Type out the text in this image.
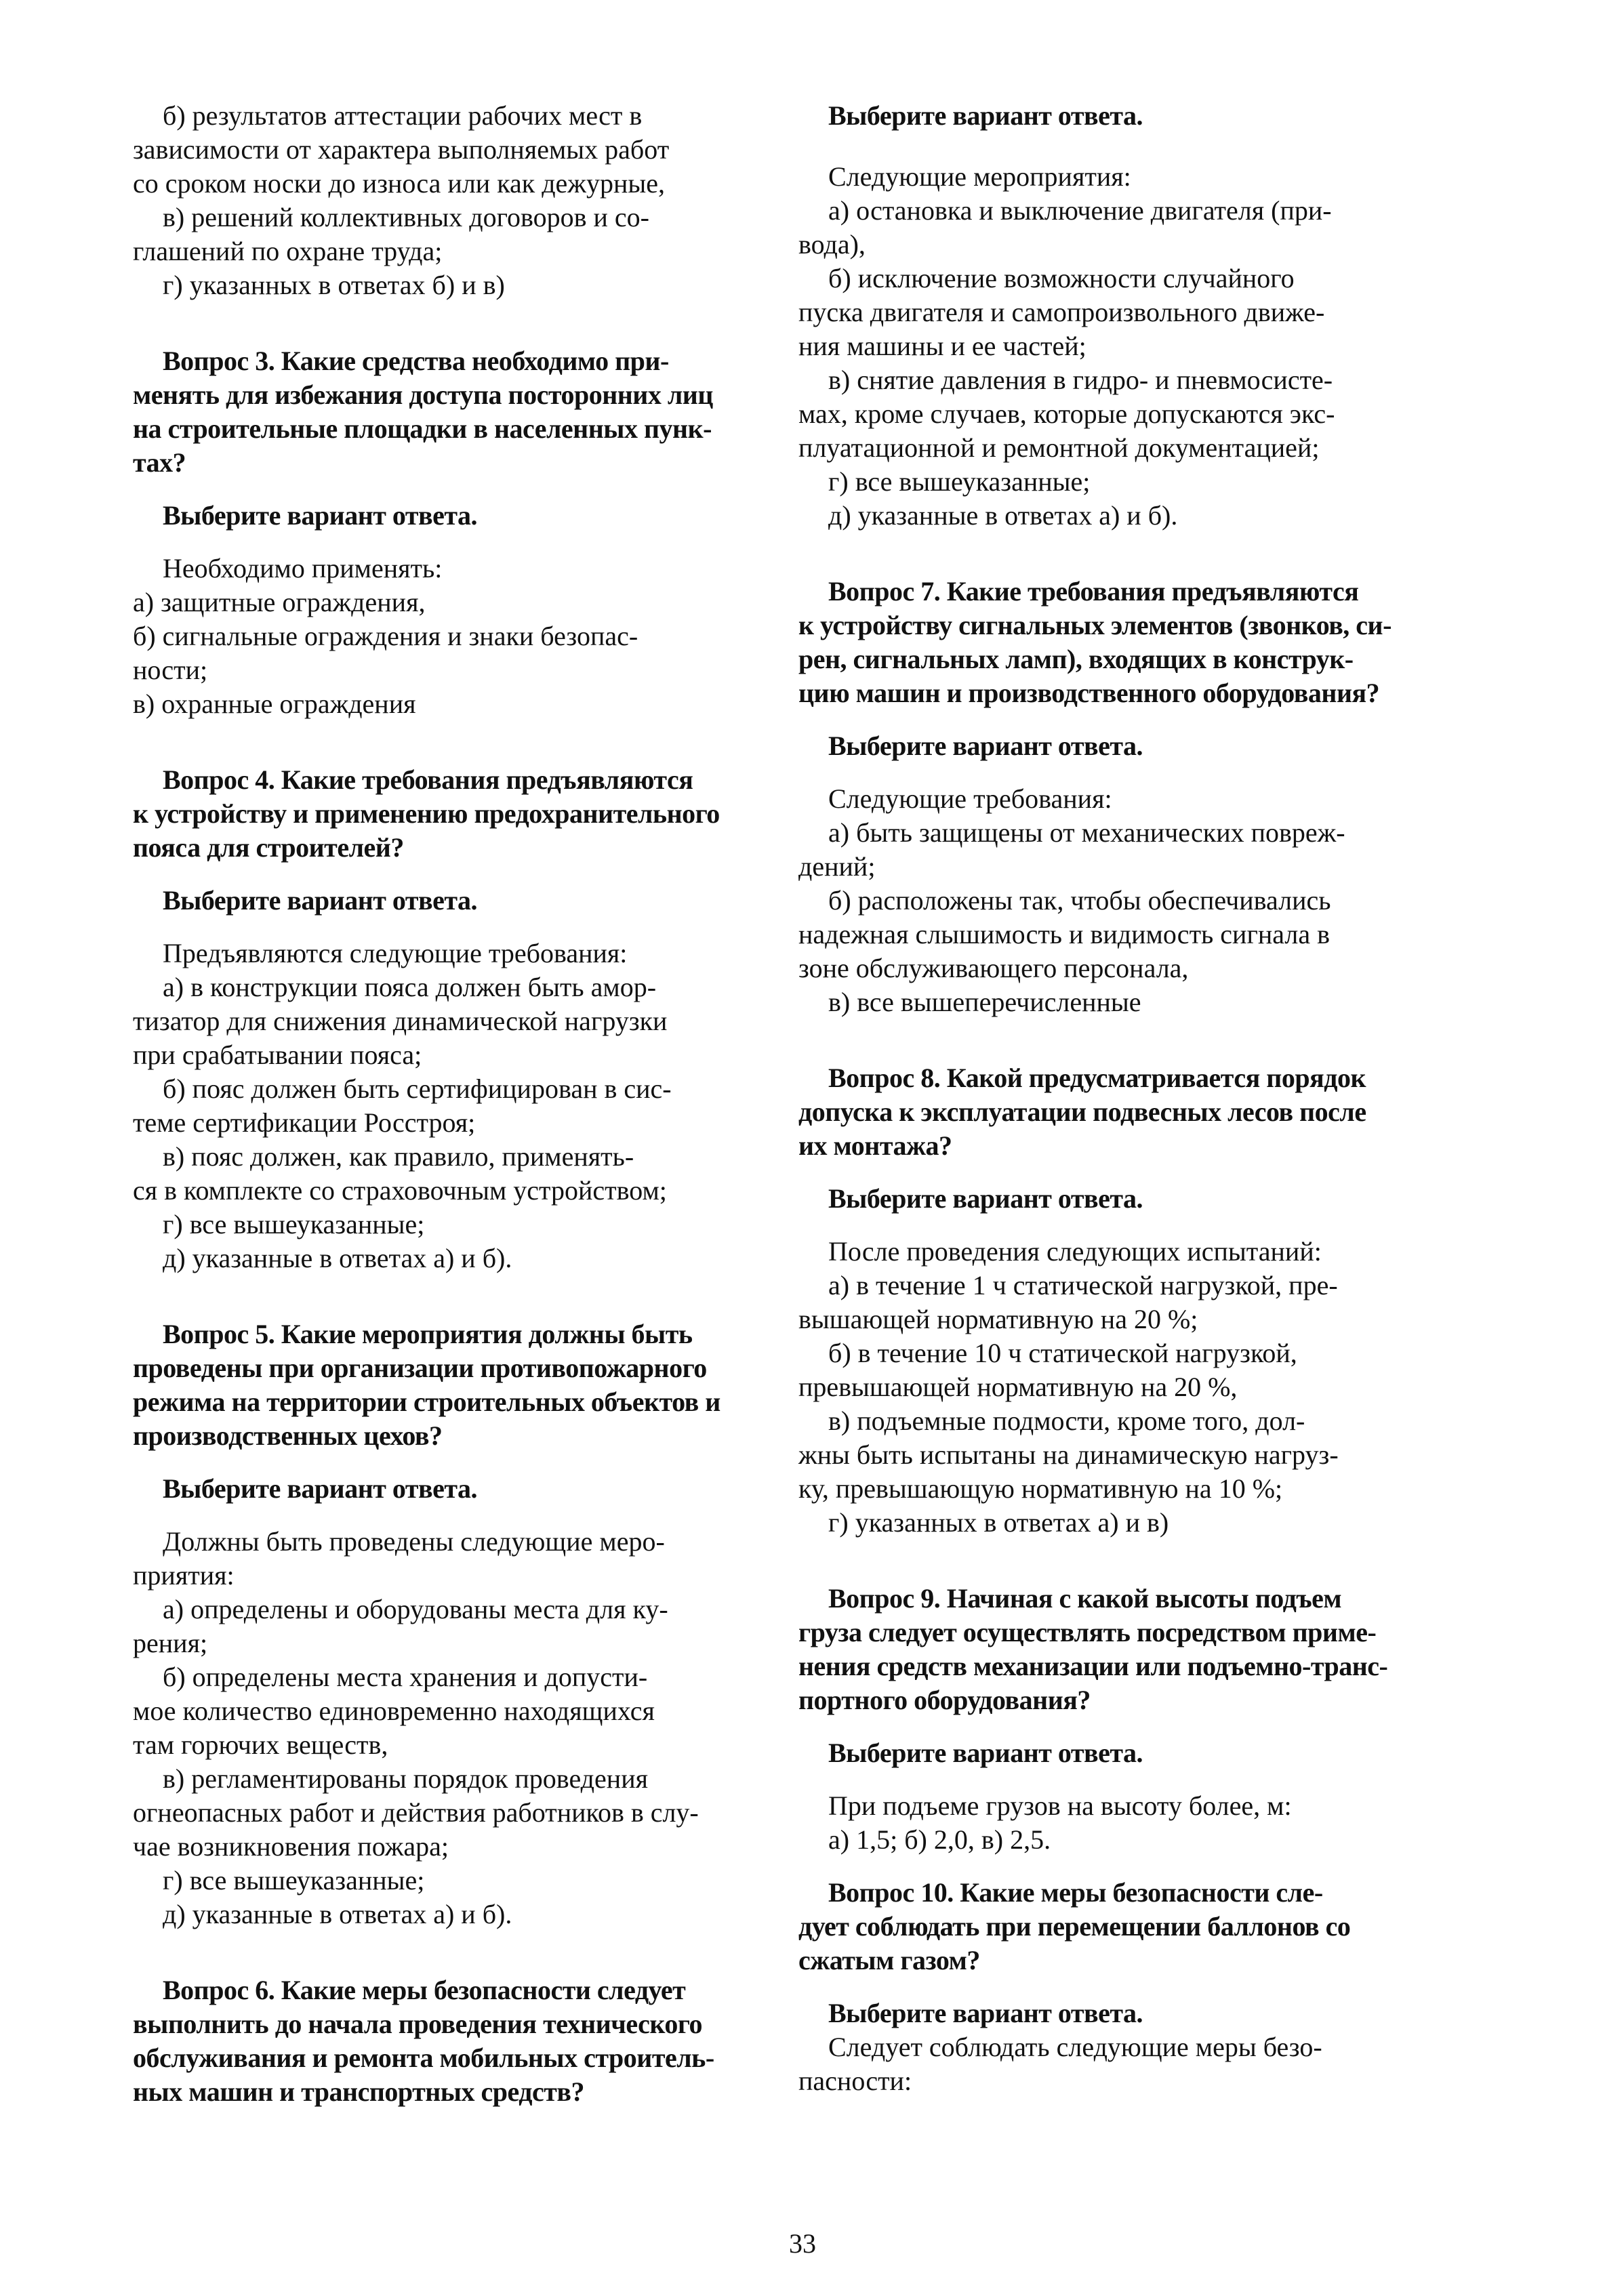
б) результатов аттестации рабочих мест в
зависимости от характера выполняемых работ
со сроком носки до износа или как дежурные,
в) решений коллективных договоров и со-
глашений по охране труда;
г) указанных в ответах б) и в)
Вопрос 3. Какие средства необходимо при-
менять для избежания доступа посторонних лиц
на строительные площадки в населенных пунк-
тах?
Выберите вариант ответа.
Необходимо применять:
а) защитные ограждения,
б) сигнальные ограждения и знаки безопас-
ности;
в) охранные ограждения
Вопрос 4. Какие требования предъявляются
к устройству и применению предохранительного
пояса для строителей?
Выберите вариант ответа.
Предъявляются следующие требования:
а) в конструкции пояса должен быть амор-
тизатор для снижения динамической нагрузки
при срабатывании пояса;
б) пояс должен быть сертифицирован в сис-
теме сертификации Росстроя;
в) пояс должен, как правило, применять-
ся в комплекте со страховочным устройством;
г) все вышеуказанные;
д) указанные в ответах а) и б).
Вопрос 5. Какие мероприятия должны быть
проведены при организации противопожарного
режима на территории строительных объектов и
производственных цехов?
Выберите вариант ответа.
Должны быть проведены следующие меро-
приятия:
а) определены и оборудованы места для ку-
рения;
б) определены места хранения и допусти-
мое количество единовременно находящихся
там горючих веществ,
в) регламентированы порядок проведения
огнеопасных работ и действия работников в слу-
чае возникновения пожара;
г) все вышеуказанные;
д) указанные в ответах а) и б).
Вопрос 6. Какие меры безопасности следует
выполнить до начала проведения технического
обслуживания и ремонта мобильных строитель-
ных машин и транспортных средств?
Выберите вариант ответа.
Следующие мероприятия:
а) остановка и выключение двигателя (при-
вода),
б) исключение возможности случайного
пуска двигателя и самопроизвольного движе-
ния машины и ее частей;
в) снятие давления в гидро- и пневмосисте-
мах, кроме случаев, которые допускаются экс-
плуатационной и ремонтной документацией;
г) все вышеуказанные;
д) указанные в ответах а) и б).
Вопрос 7. Какие требования предъявляются
к устройству сигнальных элементов (звонков, си-
рен, сигнальных ламп), входящих в конструк-
цию машин и производственного оборудования?
Выберите вариант ответа.
Следующие требования:
а) быть защищены от механических повреж-
дений;
б) расположены так, чтобы обеспечивались
надежная слышимость и видимость сигнала в
зоне обслуживающего персонала,
в) все вышеперечисленные
Вопрос 8. Какой предусматривается порядок
допуска к эксплуатации подвесных лесов после
их монтажа?
Выберите вариант ответа.
После проведения следующих испытаний:
а) в течение 1 ч статической нагрузкой, пре-
вышающей нормативную на 20 %;
б) в течение 10 ч статической нагрузкой,
превышающей нормативную на 20 %,
в) подъемные подмости, кроме того, дол-
жны быть испытаны на динамическую нагруз-
ку, превышающую нормативную на 10 %;
г) указанных в ответах а) и в)
Вопрос 9. Начиная с какой высоты подъем
груза следует осуществлять посредством приме-
нения средств механизации или подъемно-транс-
портного оборудования?
Выберите вариант ответа.
При подъеме грузов на высоту более, м:
а) 1,5; б) 2,0, в) 2,5.
Вопрос 10. Какие меры безопасности сле-
дует соблюдать при перемещении баллонов со
сжатым газом?
Выберите вариант ответа.
Следует соблюдать следующие меры безо-
пасности:
33
